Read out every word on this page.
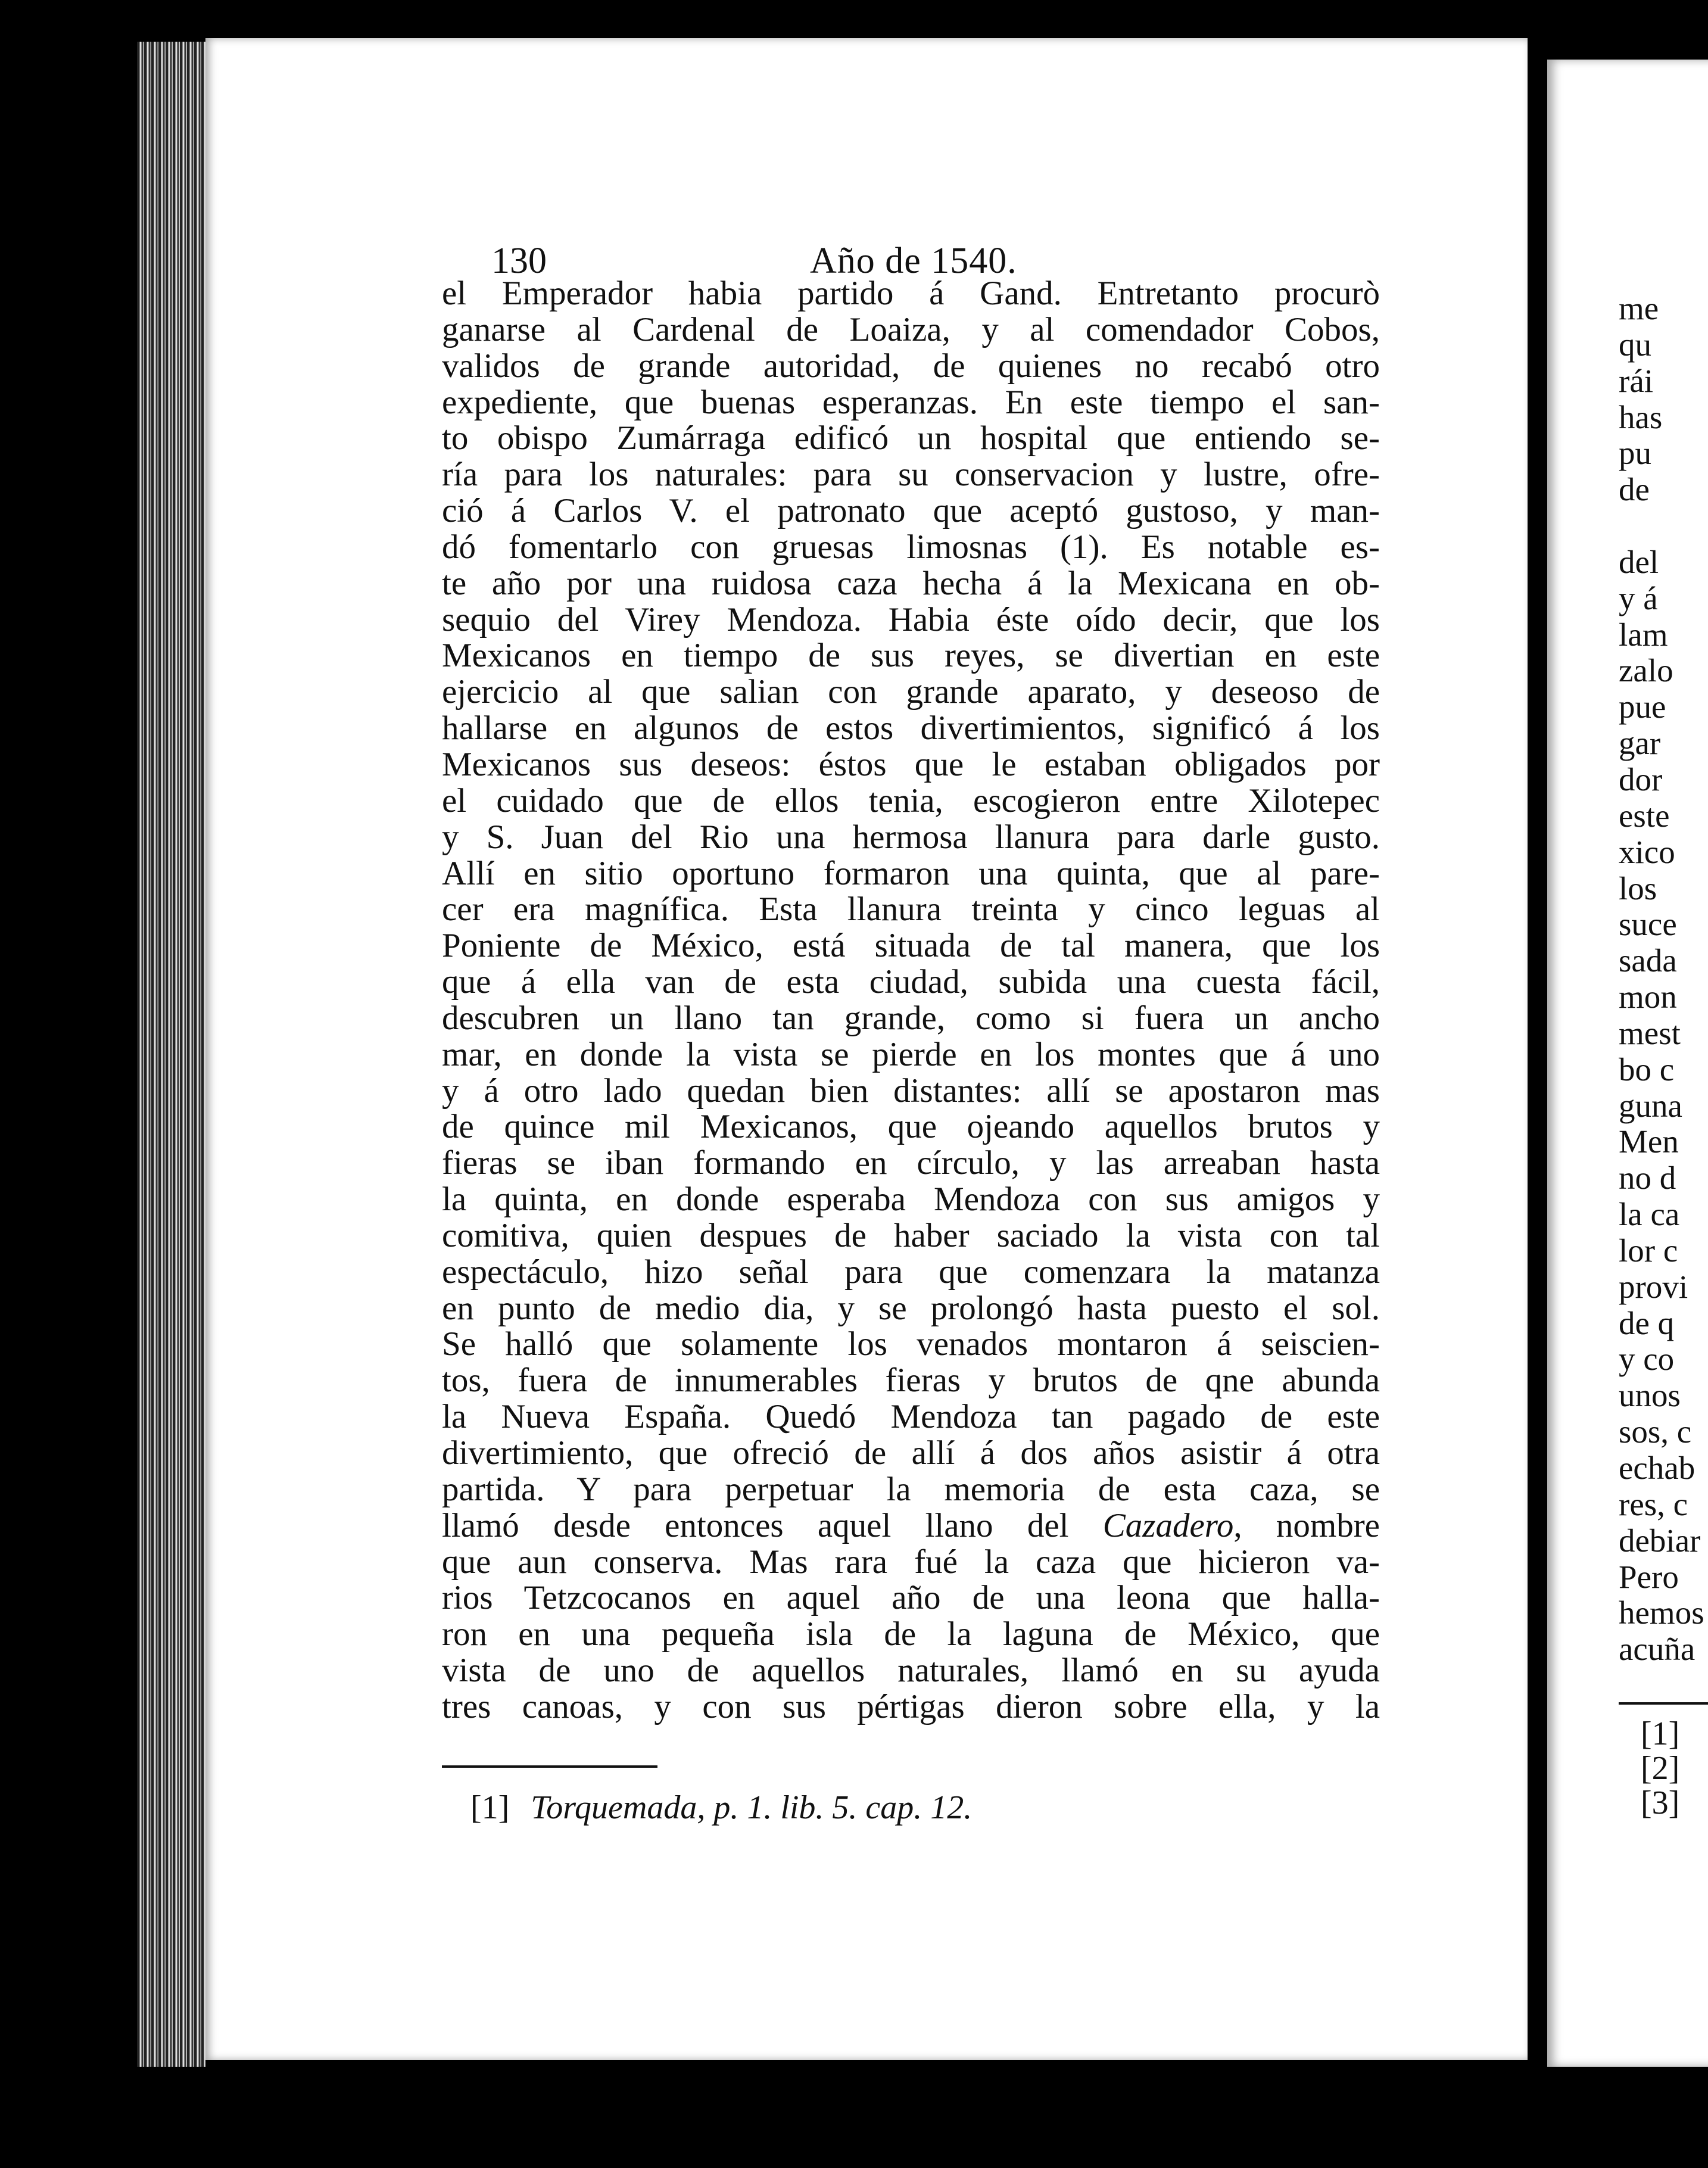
130	Año de 1540.
el Emperador habia partido á Gand. Entretanto procurò
ganarse al Cardenal de Loaiza, y al comendador Cobos,
validos de grande autoridad, de quienes no recabó otro
expediente, que buenas esperanzas. En este tiempo el san-
to obispo Zumárraga edificó un hospital que entiendo se-
ría para los naturales: para su conservacion y lustre, ofre-
ció á Carlos V. el patronato que aceptó gustoso, y man-
dó fomentarlo con gruesas limosnas (1). Es notable es-
te año por una ruidosa caza hecha á la Mexicana en ob-
sequio del Virey Mendoza. Habia éste oído decir, que los
Mexicanos en tiempo de sus reyes, se divertian en este
ejercicio al que salian con grande aparato, y deseoso de
hallarse en algunos de estos divertimientos, significó á los
Mexicanos sus deseos: éstos que le estaban obligados por
el cuidado que de ellos tenia, escogieron entre Xilotepec
y S. Juan del Rio una hermosa llanura para darle gusto.
Allí en sitio oportuno formaron una quinta, que al pare-
cer era magnífica. Esta llanura treinta y cinco leguas al
Poniente de México, está situada de tal manera, que los
que á ella van de esta ciudad, subida una cuesta fácil,
descubren un llano tan grande, como si fuera un ancho
mar, en donde la vista se pierde en los montes que á uno
y á otro lado quedan bien distantes: allí se apostaron mas
de quince mil Mexicanos, que ojeando aquellos brutos y
fieras se iban formando en círculo, y las arreaban hasta
la quinta, en donde esperaba Mendoza con sus amigos y
comitiva, quien despues de haber saciado la vista con tal
espectáculo, hizo señal para que comenzara la matanza
en punto de medio dia, y se prolongó hasta puesto el sol.
Se halló que solamente los venados montaron á seiscien-
tos, fuera de innumerables fieras y brutos de qne abunda
la Nueva España. Quedó Mendoza tan pagado de este
divertimiento, que ofreció de allí á dos años asistir á otra
partida. Y para perpetuar la memoria de esta caza, se
llamó desde entonces aquel llano del Cazadero, nombre
que aun conserva. Mas rara fué la caza que hicieron va-
rios Tetzcocanos en aquel año de una leona que halla-
ron en una pequeña isla de la laguna de México, que
vista de uno de aquellos naturales, llamó en su ayuda
tres canoas, y con sus pértigas dieron sobre ella, y la
[1] Torquemada, p. 1. lib. 5. cap. 12.
me
qu
rái
has
pu
de
del
y á
lam
zalo
pue
gar
dor
este
xico
los
suce
sada
mon
mest
bo c
guna
Men
no d
la ca
lor c
provi
de q
y co
unos
sos, c
echab
res, c
debiar
Pero
hemos
acuña
[1]
[2]
[3]
